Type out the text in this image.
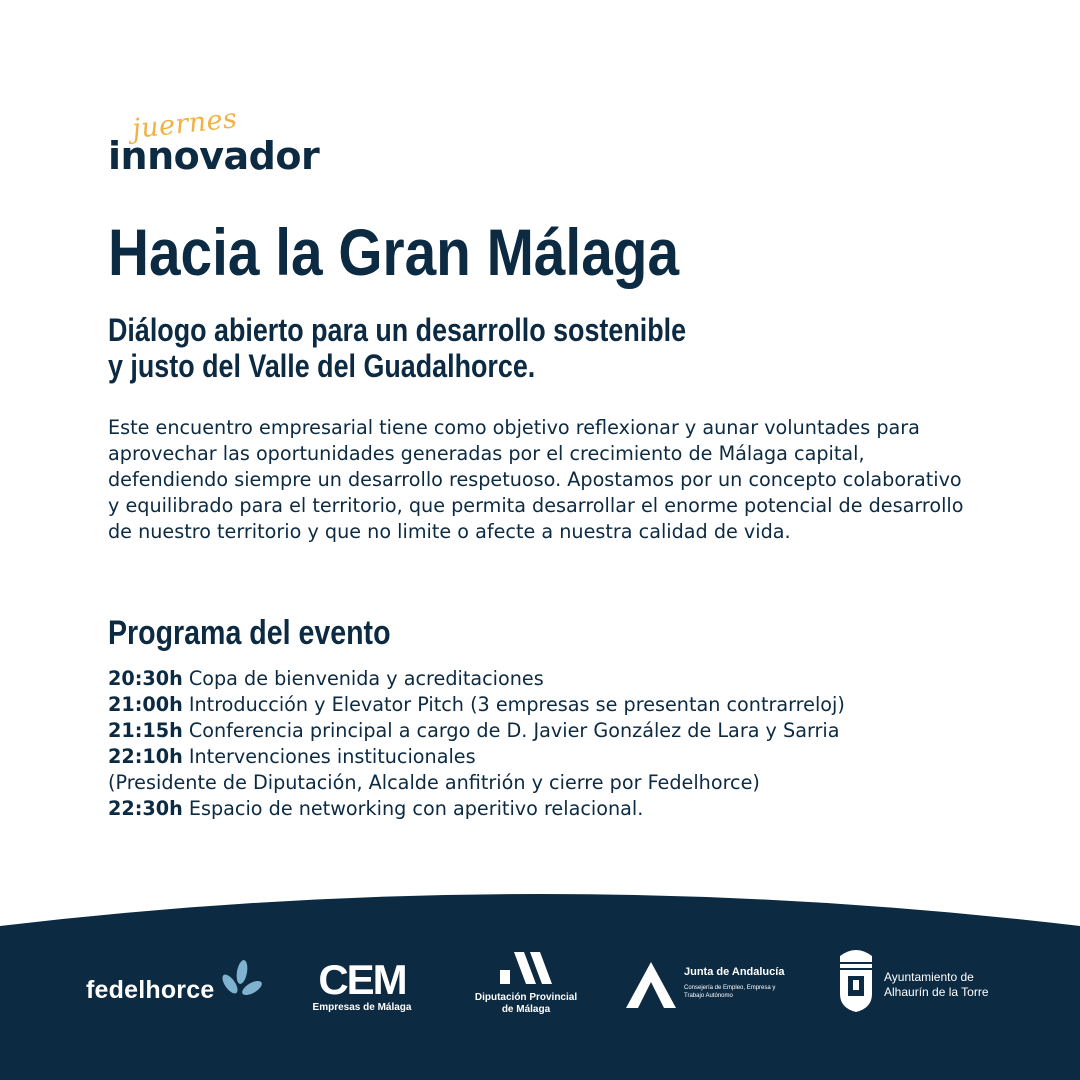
juernes
innovador
Hacia la Gran Málaga
Diálogo abierto para un desarrollo sostenible
y justo del Valle del Guadalhorce.

Este encuentro empresarial tiene como objetivo reflexionar y aunar voluntades para aprovechar las oportunidades generadas por el crecimiento de Málaga capital, defendiendo siempre un desarrollo respetuoso. Apostamos por un concepto colaborativo y equilibrado para el territorio, que permita desarrollar el enorme potencial de desarrollo de nuestro territorio y que no limite o afecte a nuestra calidad de vida.

Programa del evento
20:30h Copa de bienvenida y acreditaciones
21:00h Introducción y Elevator Pitch (3 empresas se presentan contrarreloj)
21:15h Conferencia principal a cargo de D. Javier González de Lara y Sarria
22:10h Intervenciones institucionales
(Presidente de Diputación, Alcalde anfitrión y cierre por Fedelhorce)
22:30h Espacio de networking con aperitivo relacional.
fedelhorce CEM
Empresas de Málaga
Diputación Provincial
de Málaga
Junta de Andalucía
Consejería de Empleo, Empresa y Trabajo Autónomo
Ayuntamiento de
Alhaurín de la Torre
